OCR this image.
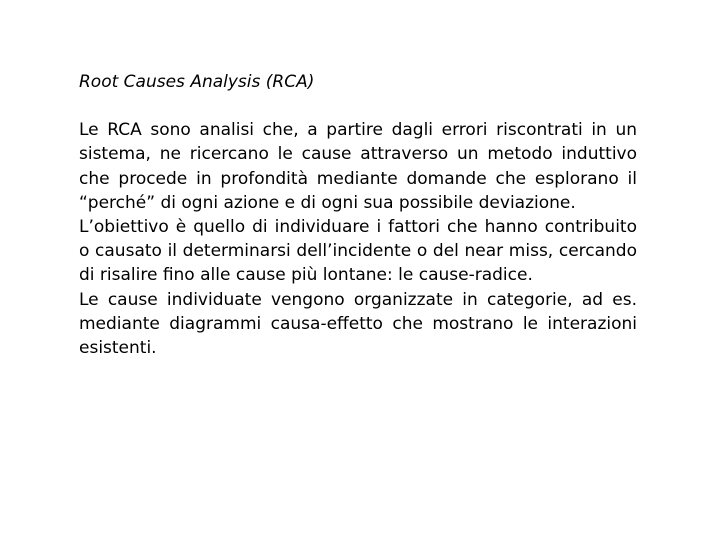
Root Causes Analysis (RCA)

Le RCA sono analisi che, a partire dagli errori riscontrati in un sistema, ne ricercano le cause attraverso un metodo induttivo che procede in profondità mediante domande che esplorano il “perché” di ogni azione e di ogni sua possibile deviazione.

L’obiettivo è quello di individuare i fattori che hanno contribuito o causato il determinarsi dell’incidente o del near miss, cercando di risalire fino alle cause più lontane: le cause-radice.

Le cause individuate vengono organizzate in categorie, ad es. mediante diagrammi causa-effetto che mostrano le interazioni esistenti.
